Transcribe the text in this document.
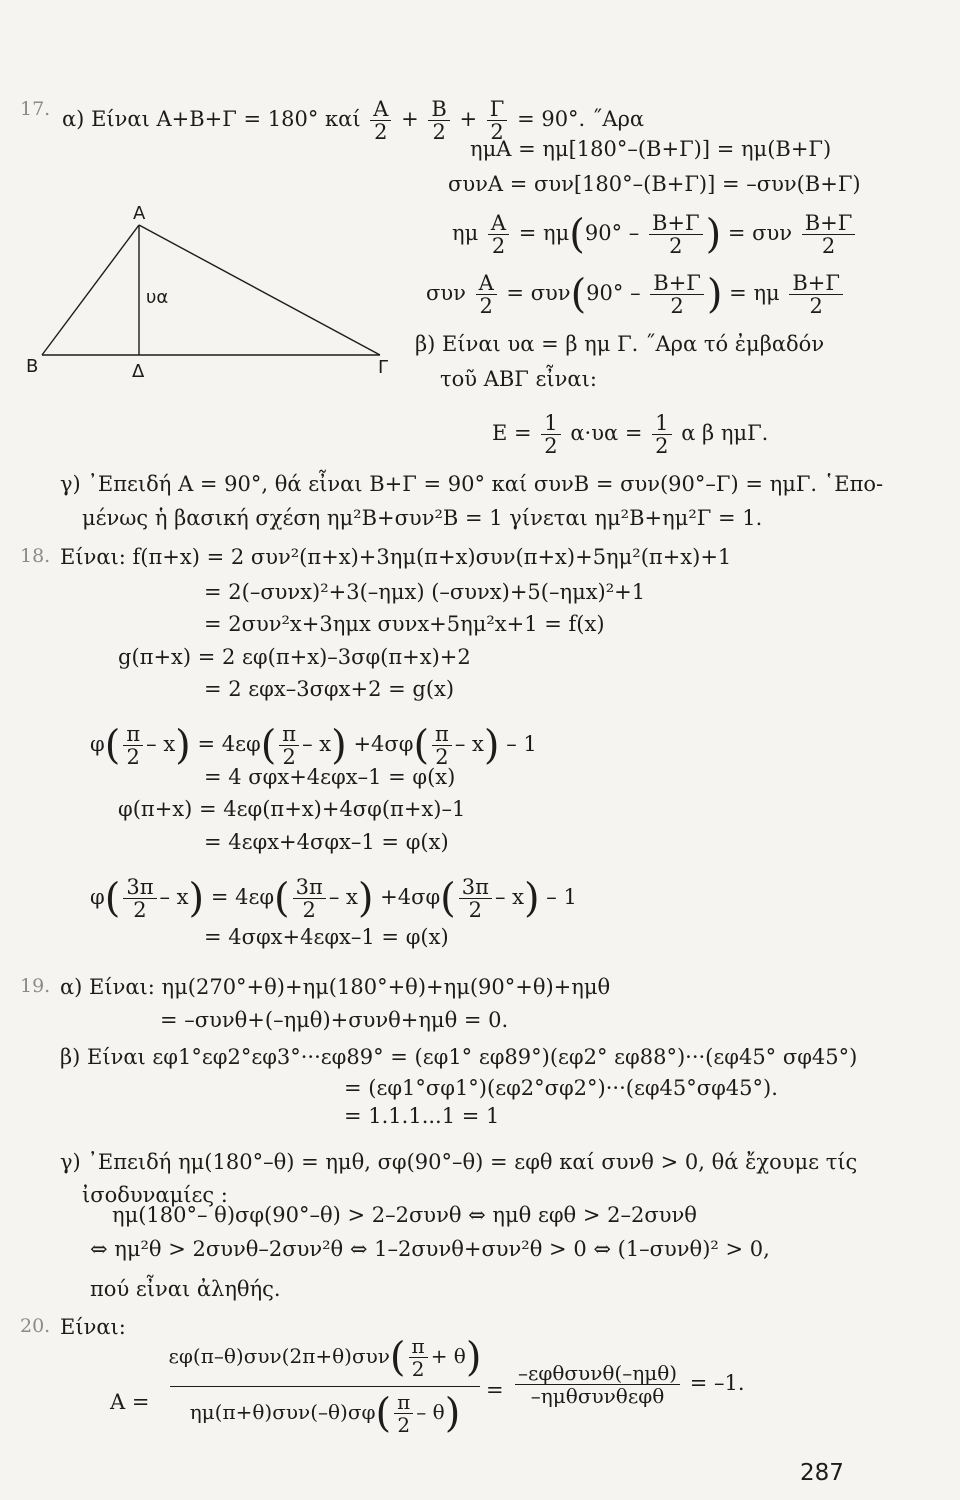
17. α) Είναι Α+Β+Γ = 180° καί $\frac{A}{2} + \frac{B}{2} + \frac{\Gamma}{2} = 90^\circ$. ˝Αρα
ημΑ = ημ[180°–(Β+Γ)] = ημ(Β+Γ)
συνΑ = συν[180°–(Β+Γ)] = –συν(Β+Γ)
ημ $\frac{A}{2} = \eta\mu(90^\circ - \frac{B+\Gamma}{2}$ ) = συν $\frac{B+\Gamma}{2}$
συν $\frac{A}{2} = \sigma\upsilon\nu(90^\circ - \frac{B+\Gamma}{2}$ ) = ημ $\frac{B+\Gamma}{2}$
Α
Β	Γ
Δ
υα
β) Είναι υα = β ημ Γ. ˝Αρα τό ἐμβαδόν
τοῦ ΑΒΓ εἶναι:
$E = \frac{1}{2} \alpha\cdot\upsilon\alpha = \frac{1}{2}$ α β ημΓ.
γ) ᾿Επειδή Α = 90°, θά εἶναι Β+Γ = 90° καί συνΒ = συν(90°–Γ) = ημΓ. ῾Επο-
μένως ἡ βασική σχέση ημ²Β+συν²Β = 1 γίνεται ημ²Β+ημ²Γ = 1.
18. Είναι: f(π+x) = 2 συν²(π+x)+3ημ(π+x)συν(π+x)+5ημ²(π+x)+1
= 2(–συνx)²+3(–ημx) (–συνx)+5(–ημx)²+1
= 2συν²x+3ημx συνx+5ημ²x+1 = f(x)
g(π+x) = 2 εφ(π+x)–3σφ(π+x)+2
= 2 εφx–3σφx+2 = g(x)
$\varphi( \frac{\pi}{2} - x) = 4\varepsilon\varphi( \frac{\pi}{2} - x) +4\sigma\varphi( \frac{\pi}{2} - x) - 1$
= 4 σφx+4εφx–1 = φ(x)
φ(π+x) = 4εφ(π+x)+4σφ(π+x)–1
= 4εφx+4σφx–1 = φ(x)
$\varphi( \frac{3\pi}{2} - x) = 4\varepsilon\varphi( \frac{3\pi}{2} - x) +4\sigma\varphi( \frac{3\pi}{2} - x) - 1$
= 4σφx+4εφx–1 = φ(x)
19. α) Είναι: ημ(270°+θ)+ημ(180°+θ)+ημ(90°+θ)+ημθ
= –συνθ+(–ημθ)+συνθ+ημθ = 0.
β) Είναι εφ1°εφ2°εφ3°···εφ89° = (εφ1° εφ89°)(εφ2° εφ88°)···(εφ45° σφ45°)
= (εφ1°σφ1°)(εφ2°σφ2°)···(εφ45°σφ45°).
= 1.1.1...1 = 1
γ) ᾿Επειδή ημ(180°–θ) = ημθ, σφ(90°–θ) = εφθ καί συνθ > 0, θά ἔχουμε τίς
ἰσοδυναμίες :
ημ(180°– θ)σφ(90°–θ) > 2–2συνθ ⇔ ημθ εφθ > 2–2συνθ
⇔ ημ²θ > 2συνθ–2συν²θ ⇔ 1–2συνθ+συν²θ > 0 ⇔ (1–συνθ)² > 0,
πού εἶναι ἀληθής.
20. Είναι:
Α =
$\varepsilon\varphi(\pi-\theta)\sigma\upsilon\nu(2\pi+\theta)\sigma\upsilon\nu( \frac{\pi}{2} + \theta)$
$\eta\mu(\pi+\theta)\sigma\upsilon\nu(-\theta)\sigma\varphi( \frac{\pi}{2} - \theta)$
= $\frac{\text{–εφθσυνθ(–ημθ)}}{\text{–ημθσυνθεφθ}} = -1$.
287
